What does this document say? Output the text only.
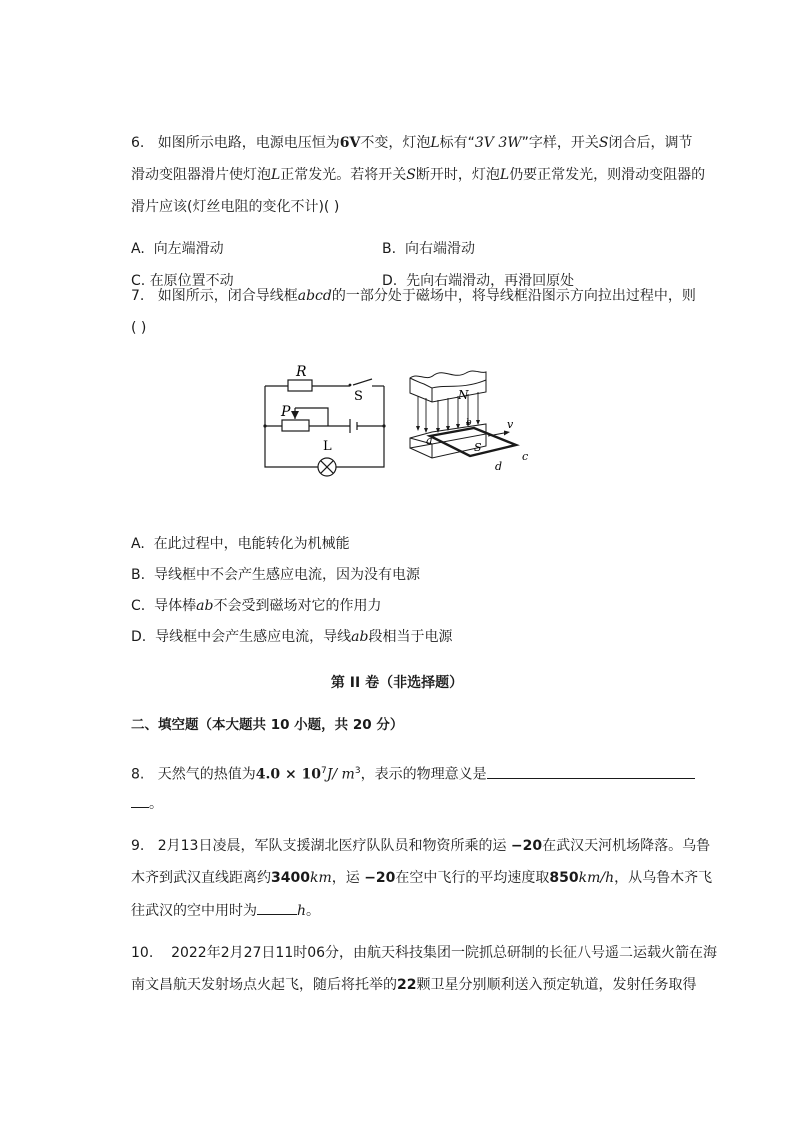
6. 如图所示电路，电源电压恒为6V不变，灯泡L标有“3V 3W”字样，开关S闭合后，调节
滑动变阻器滑片使灯泡L正常发光。若将开关S断开时，灯泡L仍要正常发光，则滑动变阻器的
滑片应该(灯丝电阻的变化不计)( )
A. 向左端滑动	B. 向右端滑动
C. 在原位置不动	D. 先向右端滑动，再滑回原处
7. 如图所示，闭合导线框abcd的一部分处于磁场中，将导线框沿图示方向拉出过程中，则
( )
R
S
P
L
N
S
a
b
c
d
v
A. 在此过程中，电能转化为机械能
B. 导线框中不会产生感应电流，因为没有电源
C. 导体棒ab不会受到磁场对它的作用力
D. 导线框中会产生感应电流，导线ab段相当于电源
第 II 卷（非选择题）
二、填空题（本大题共 10 小题，共 20 分）
8. 天然气的热值为$4.0 \times 10^7J/$ $m^3$，表示的物理意义是
。
9. 2月13日凌晨，军队支援湖北医疗队队员和物资所乘的运 −20在武汉天河机场降落。乌鲁
木齐到武汉直线距离约3400km，运 −20在空中飞行的平均速度取850km/h，从乌鲁木齐飞
往武汉的空中用时为	h。
10. 2022年2月27日11时06分，由航天科技集团一院抓总研制的长征八号遥二运载火箭在海
南文昌航天发射场点火起飞，随后将托举的22颗卫星分别顺利送入预定轨道，发射任务取得
